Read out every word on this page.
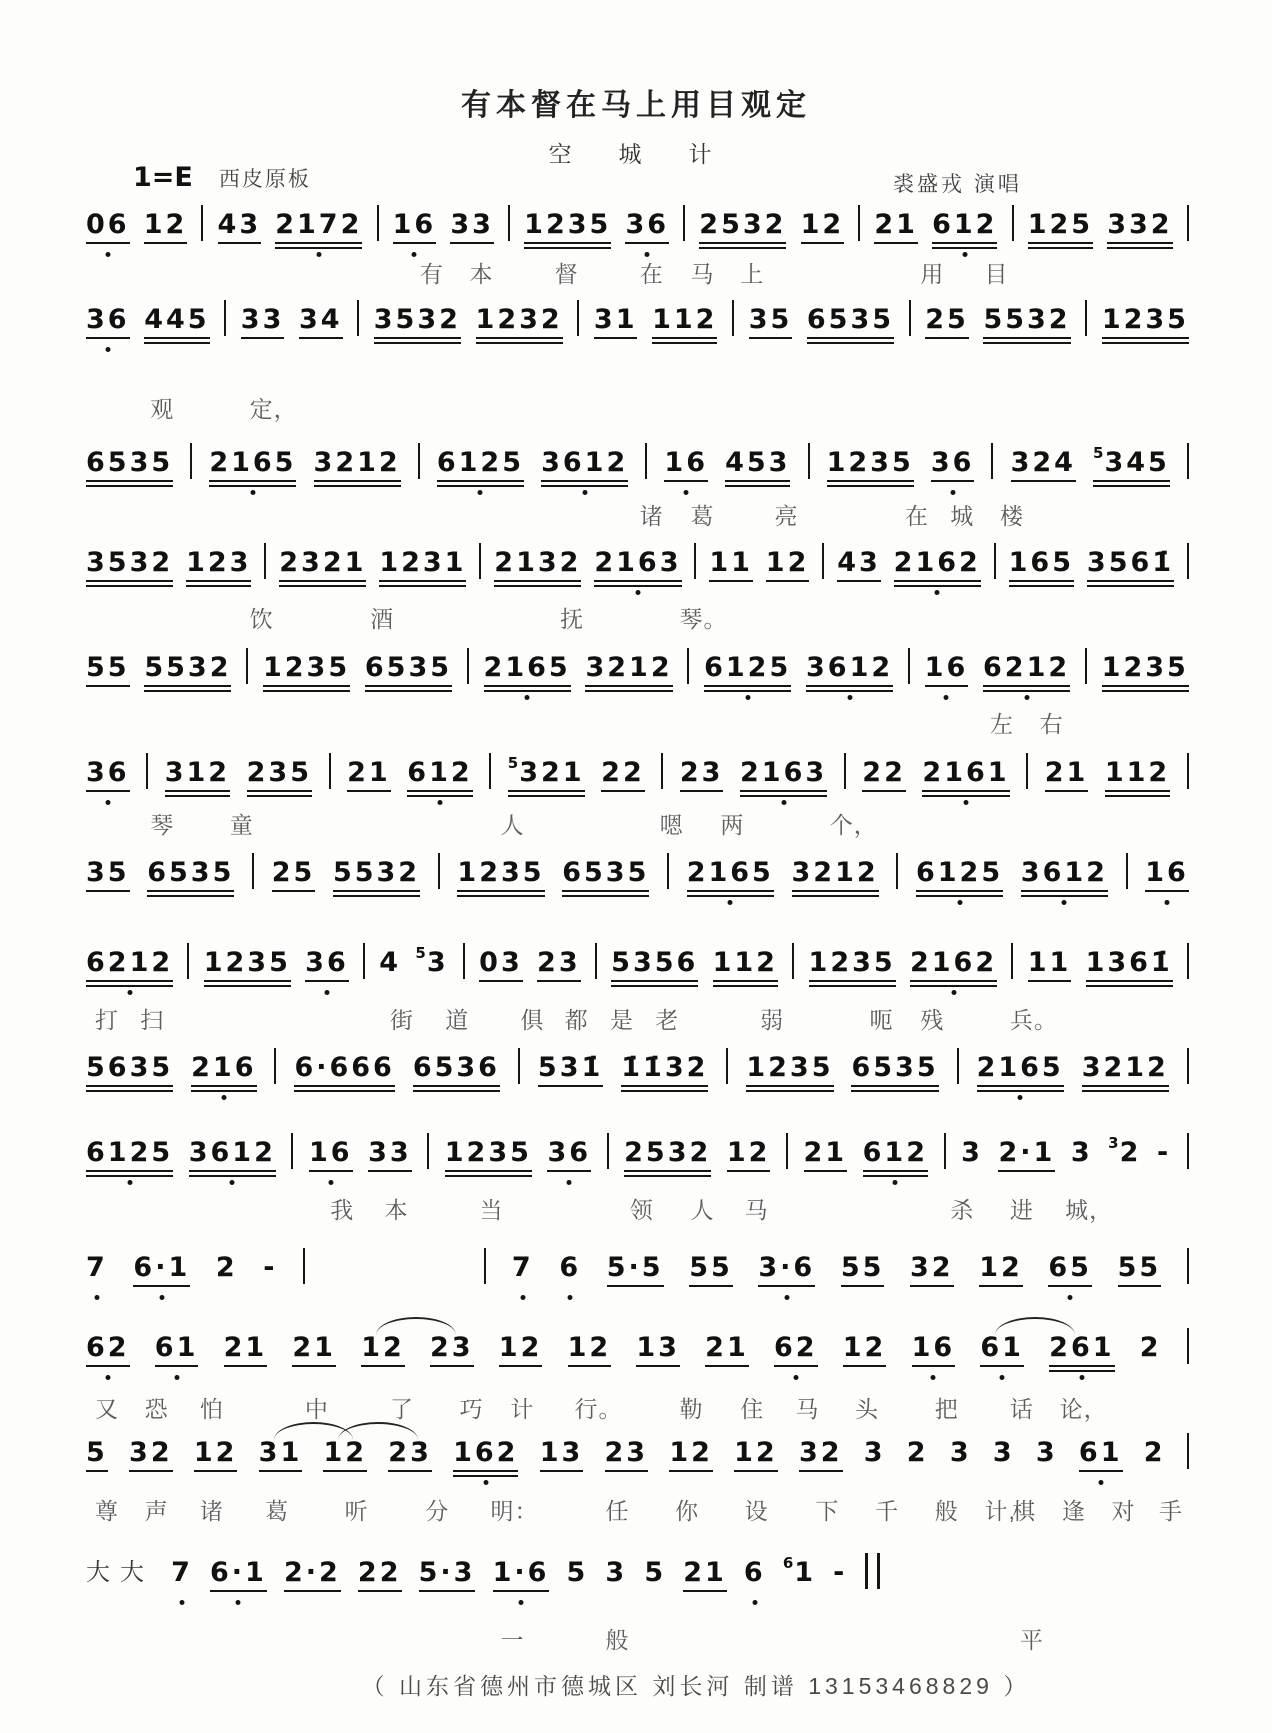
有本督在马上用目观定
空　城　计
1=E 西皮原板	裘盛戎 演唱
06 12 43 2172 16 33 1235 36 2532 12 21 612 125 332
有 本	督	在 马 上	用 目
36 445 33 34 3532 1232 31 112 35 6535 25 5532 1235
观	定，
6535 2165 3212 6125 3612 16 453 1235 36 324 $^5$345
诸 葛	亮	在 城 楼
3532 123 2321 1231 2132 2163 11 12 43 2162 165 3561̇
饮	酒	抚	琴。
55 5532 1235 6535 2165 3212 6125 3612 16 6212 1235
左 右
36 312 235 21 612 $^5$321 22 23 2163 22 2161 21 112
琴 童	人	嗯 两	个，
35 6535 25 5532 1235 6535 2165 3212 6125 3612 16
6212 1235 36 4 $^5$3 03 23 5356 112 1235 2162 11 1361̇
打 扫	街 道 俱 都 是 老	弱	呃 残	兵。
5635 216 6·666 6536 531̇ 1̇1̇32 1235 6535 2165 3212
6125 3612 16 33 1235 36 2532 12 21 612 3 2·1 3 $^3$2 -
我 本	当	领 人 马	杀 进 城，
7 6·1 2 -	7 6 5·5 55 3·6 55 32 12 65 55
62 61 21 21 12 23 12 12 13 21 62 12 16 61 261 2
又 恐 怕	中	了 巧 计 行。 勒 住 马 头 把 话 论，
5 32 12 31 12 23 162 13 23 12 12 32 3 2 3 3 3 61 2
尊 声 诸 葛 听 分 明：	任 你 设 下 千 般 计,
棋 逢 对 手
大大 7 6·1 2·2 22 5·3 1·6 5 3 5 21 6 $^6$1 -
一	般	平
（ 山东省德州市德城区 刘长河 制谱 13153468829 ）
